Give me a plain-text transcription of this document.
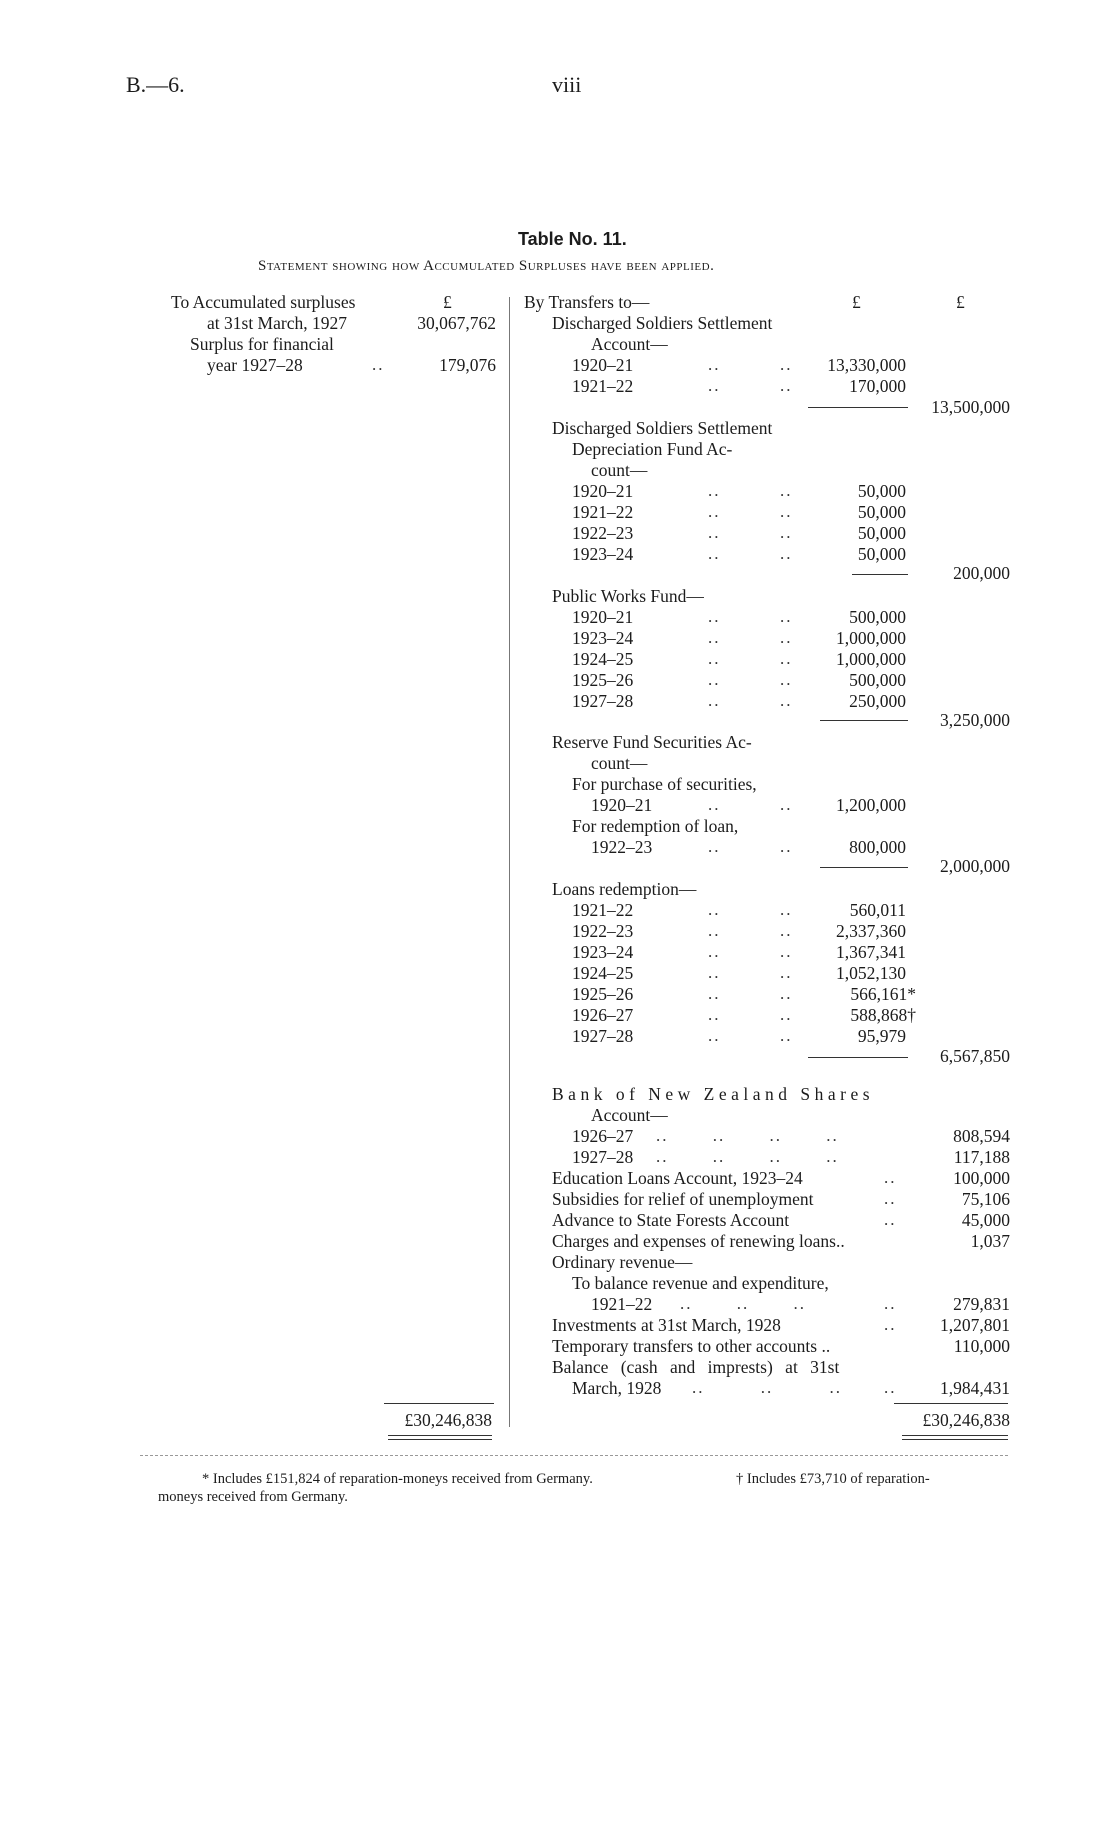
B.—6.	viii
Table No. 11.
Statement showing how Accumulated Surpluses have been applied.
To Accumulated surpluses	£
at 31st March, 1927	30,067,762
Surplus for financial
year 1927–28	..	179,076
£30,246,838
By Transfers to—	£	£
Discharged Soldiers Settlement
Account—
1920–21	..	..	13,330,000
1921–22	..	..	170,000
13,500,000
Discharged Soldiers Settlement
Depreciation Fund Ac-
count—
1920–21	..	..	50,000
1921–22	..	..	50,000
1922–23	..	..	50,000
1923–24	..	..	50,000
200,000
Public Works Fund—
1920–21	..	..	500,000
1923–24	..	..	1,000,000
1924–25	..	..	1,000,000
1925–26	..	..	500,000
1927–28	..	..	250,000
3,250,000
Reserve Fund Securities Ac-
count—
For purchase of securities,
1920–21	..	..	1,200,000
For redemption of loan,
1922–23	..	..	800,000
2,000,000
Loans redemption—
1921–22	..	..	560,011
1922–23	..	..	2,337,360
1923–24	..	..	1,367,341
1924–25	..	..	1,052,130
1925–26	..	..	566,161*
1926–27	..	..	588,868†
1927–28	..	..	95,979
6,567,850
Bank of New Zealand Shares
Account—
1926–27 .. .. .. ..	808,594
1927–28 .. .. .. ..	117,188
Education Loans Account, 1923–24	..	100,000
Subsidies for relief of unemployment	..	75,106
Advance to State Forests Account	..	45,000
Charges and expenses of renewing loans..	1,037
Ordinary revenue—
To balance revenue and expenditure,
1921–22 .. .. ..	..	279,831
Investments at 31st March, 1928	..	1,207,801
Temporary transfers to other accounts ..	110,000
Balance (cash and imprests) at 31st
March, 1928 .. .. .. ..	1,984,431
£30,246,838
* Includes £151,824 of reparation-moneys received from Germany.
moneys received from Germany.
† Includes £73,710 of reparation-
